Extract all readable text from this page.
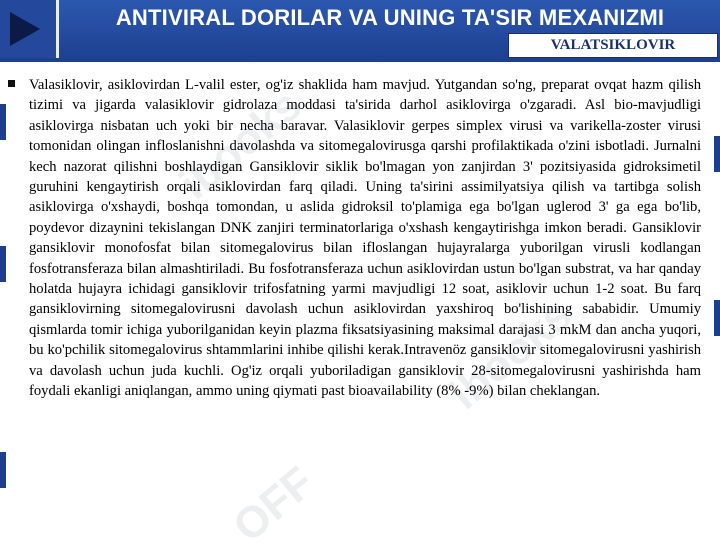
ANTIVIRAL DORILAR VA UNING TA'SIR MEXANIZMI
VALATSIKLOVIR
ibooks
ibooks
OFF

Valasiklovir, asiklovirdan L-valil ester, og'iz shaklida ham mavjud. Yutgandan so'ng, preparat ovqat hazm qilish tizimi va jigarda valasiklovir gidrolaza moddasi ta'sirida darhol asiklovirga o'zgaradi. Asl bio-mavjudligi asiklovirga nisbatan uch yoki bir necha baravar. Valasiklovir gerpes simplex virusi va varikella-zoster virusi tomonidan olingan infloslanishni davolashda va sitomegalovirusga qarshi profilaktikada o'zini isbotladi. Jurnalni kech nazorat qilishni boshlaydigan Gansiklovir siklik bo'lmagan yon zanjirdan 3' pozitsiyasida gidroksimetil guruhini kengaytirish orqali asiklovirdan farq qiladi. Uning ta'sirini assimilyatsiya qilish va tartibga solish asiklovirga o'xshaydi, boshqa tomondan, u aslida gidroksil to'plamiga ega bo'lgan uglerod 3' ga ega bo'lib, poydevor dizaynini tekislangan DNK zanjiri terminatorlariga o'xshash kengaytirishga imkon beradi. Gansiklovir gansiklovir monofosfat bilan sitomegalovirus bilan ifloslangan hujayralarga yuborilgan virusli kodlangan fosfotransferaza bilan almashtiriladi. Bu fosfotransferaza uchun asiklovirdan ustun bo'lgan substrat, va har qanday holatda hujayra ichidagi gansiklovir trifosfatning yarmi mavjudligi 12 soat, asiklovir uchun 1-2 soat. Bu farq gansiklovirning sitomegalovirusni davolash uchun asiklovirdan yaxshiroq bo'lishining sababidir. Umumiy qismlarda tomir ichiga yuborilganidan keyin plazma fiksatsiyasining maksimal darajasi 3 mkM dan ancha yuqori, bu ko'pchilik sitomegalovirus shtammlarini inhibe qilishi kerak.Intravenöz gansiklovir sitomegalovirusni yashirish va davolash uchun juda kuchli. Og'iz orqali yuboriladigan gansiklovir 28-sitomegalovirusni yashirishda ham foydali ekanligi aniqlangan, ammo uning qiymati past bioavailability (8% -9%) bilan cheklangan.
